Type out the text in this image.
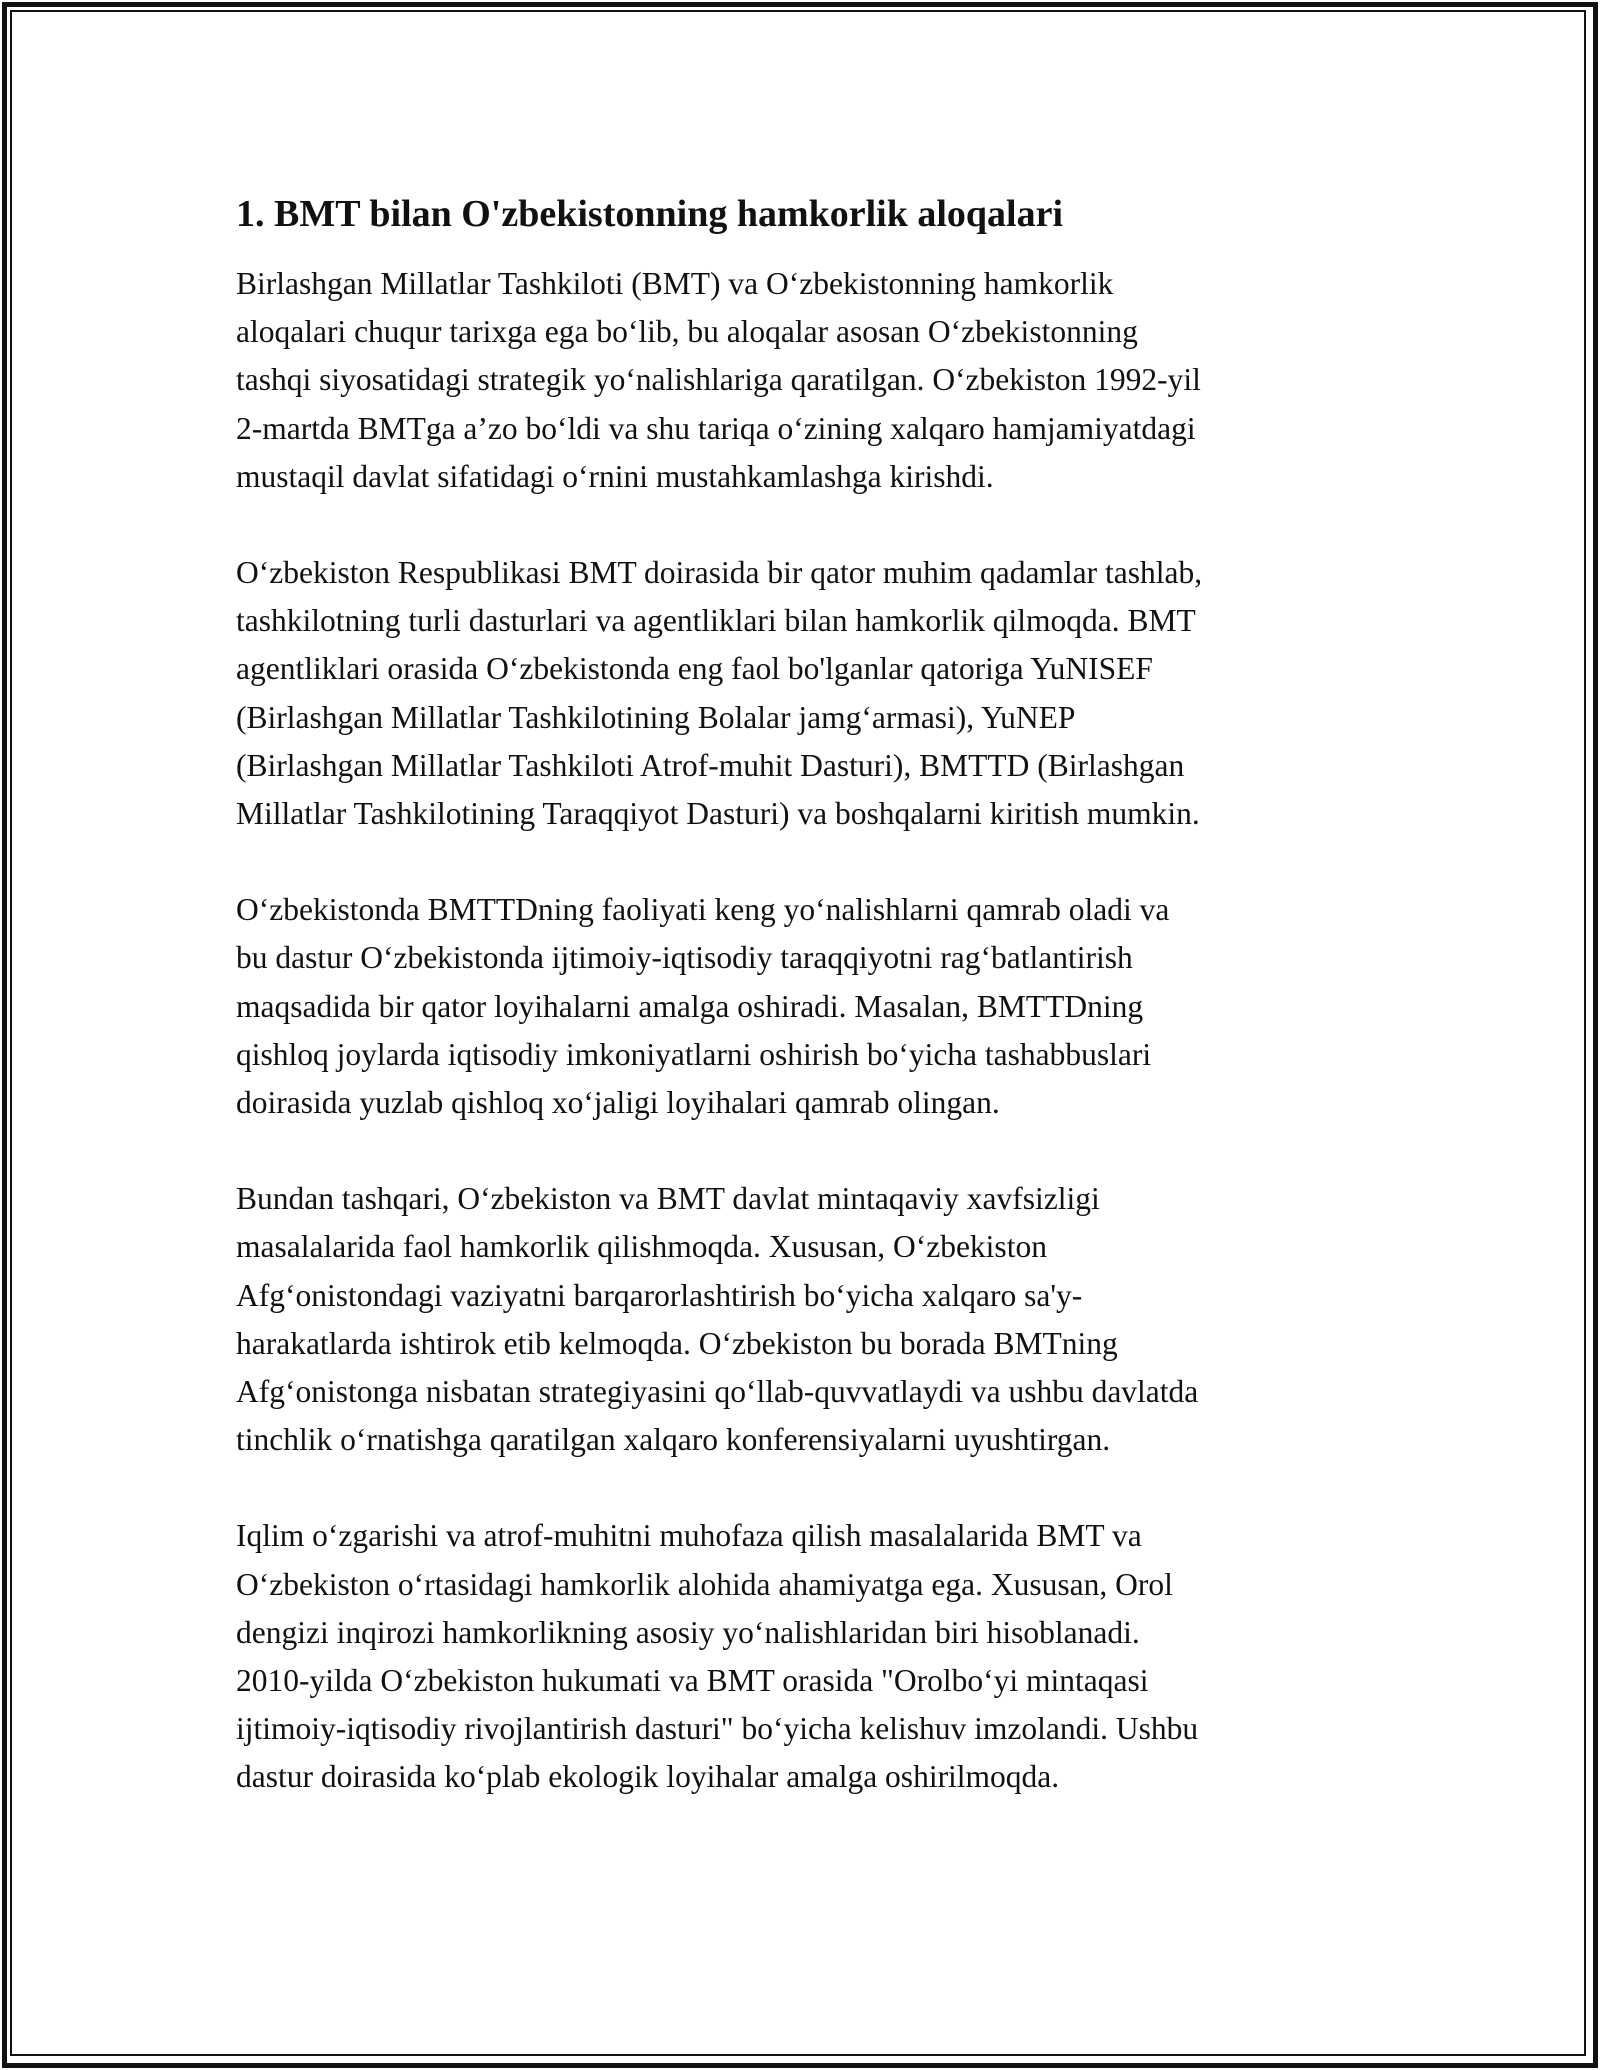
1. BMT bilan O'zbekistonning hamkorlik aloqalari

Birlashgan Millatlar Tashkiloti (BMT) va O‘zbekistonning hamkorlik
aloqalari chuqur tarixga ega bo‘lib, bu aloqalar asosan O‘zbekistonning
tashqi siyosatidagi strategik yo‘nalishlariga qaratilgan. O‘zbekiston 1992-yil
2-martda BMTga a’zo bo‘ldi va shu tariqa o‘zining xalqaro hamjamiyatdagi
mustaqil davlat sifatidagi o‘rnini mustahkamlashga kirishdi.

O‘zbekiston Respublikasi BMT doirasida bir qator muhim qadamlar tashlab,
tashkilotning turli dasturlari va agentliklari bilan hamkorlik qilmoqda. BMT
agentliklari orasida O‘zbekistonda eng faol bo'lganlar qatoriga YuNISEF
(Birlashgan Millatlar Tashkilotining Bolalar jamg‘armasi), YuNEP
(Birlashgan Millatlar Tashkiloti Atrof-muhit Dasturi), BMTTD (Birlashgan
Millatlar Tashkilotining Taraqqiyot Dasturi) va boshqalarni kiritish mumkin.

O‘zbekistonda BMTTDning faoliyati keng yo‘nalishlarni qamrab oladi va
bu dastur O‘zbekistonda ijtimoiy-iqtisodiy taraqqiyotni rag‘batlantirish
maqsadida bir qator loyihalarni amalga oshiradi. Masalan, BMTTDning
qishloq joylarda iqtisodiy imkoniyatlarni oshirish bo‘yicha tashabbuslari
doirasida yuzlab qishloq xo‘jaligi loyihalari qamrab olingan.

Bundan tashqari, O‘zbekiston va BMT davlat mintaqaviy xavfsizligi
masalalarida faol hamkorlik qilishmoqda. Xususan, O‘zbekiston
Afg‘onistondagi vaziyatni barqarorlashtirish bo‘yicha xalqaro sa'y-
harakatlarda ishtirok etib kelmoqda. O‘zbekiston bu borada BMTning
Afg‘onistonga nisbatan strategiyasini qo‘llab-quvvatlaydi va ushbu davlatda
tinchlik o‘rnatishga qaratilgan xalqaro konferensiyalarni uyushtirgan.

Iqlim o‘zgarishi va atrof-muhitni muhofaza qilish masalalarida BMT va
O‘zbekiston o‘rtasidagi hamkorlik alohida ahamiyatga ega. Xususan, Orol
dengizi inqirozi hamkorlikning asosiy yo‘nalishlaridan biri hisoblanadi.
2010-yilda O‘zbekiston hukumati va BMT orasida "Orolbo‘yi mintaqasi
ijtimoiy-iqtisodiy rivojlantirish dasturi" bo‘yicha kelishuv imzolandi. Ushbu
dastur doirasida ko‘plab ekologik loyihalar amalga oshirilmoqda.
